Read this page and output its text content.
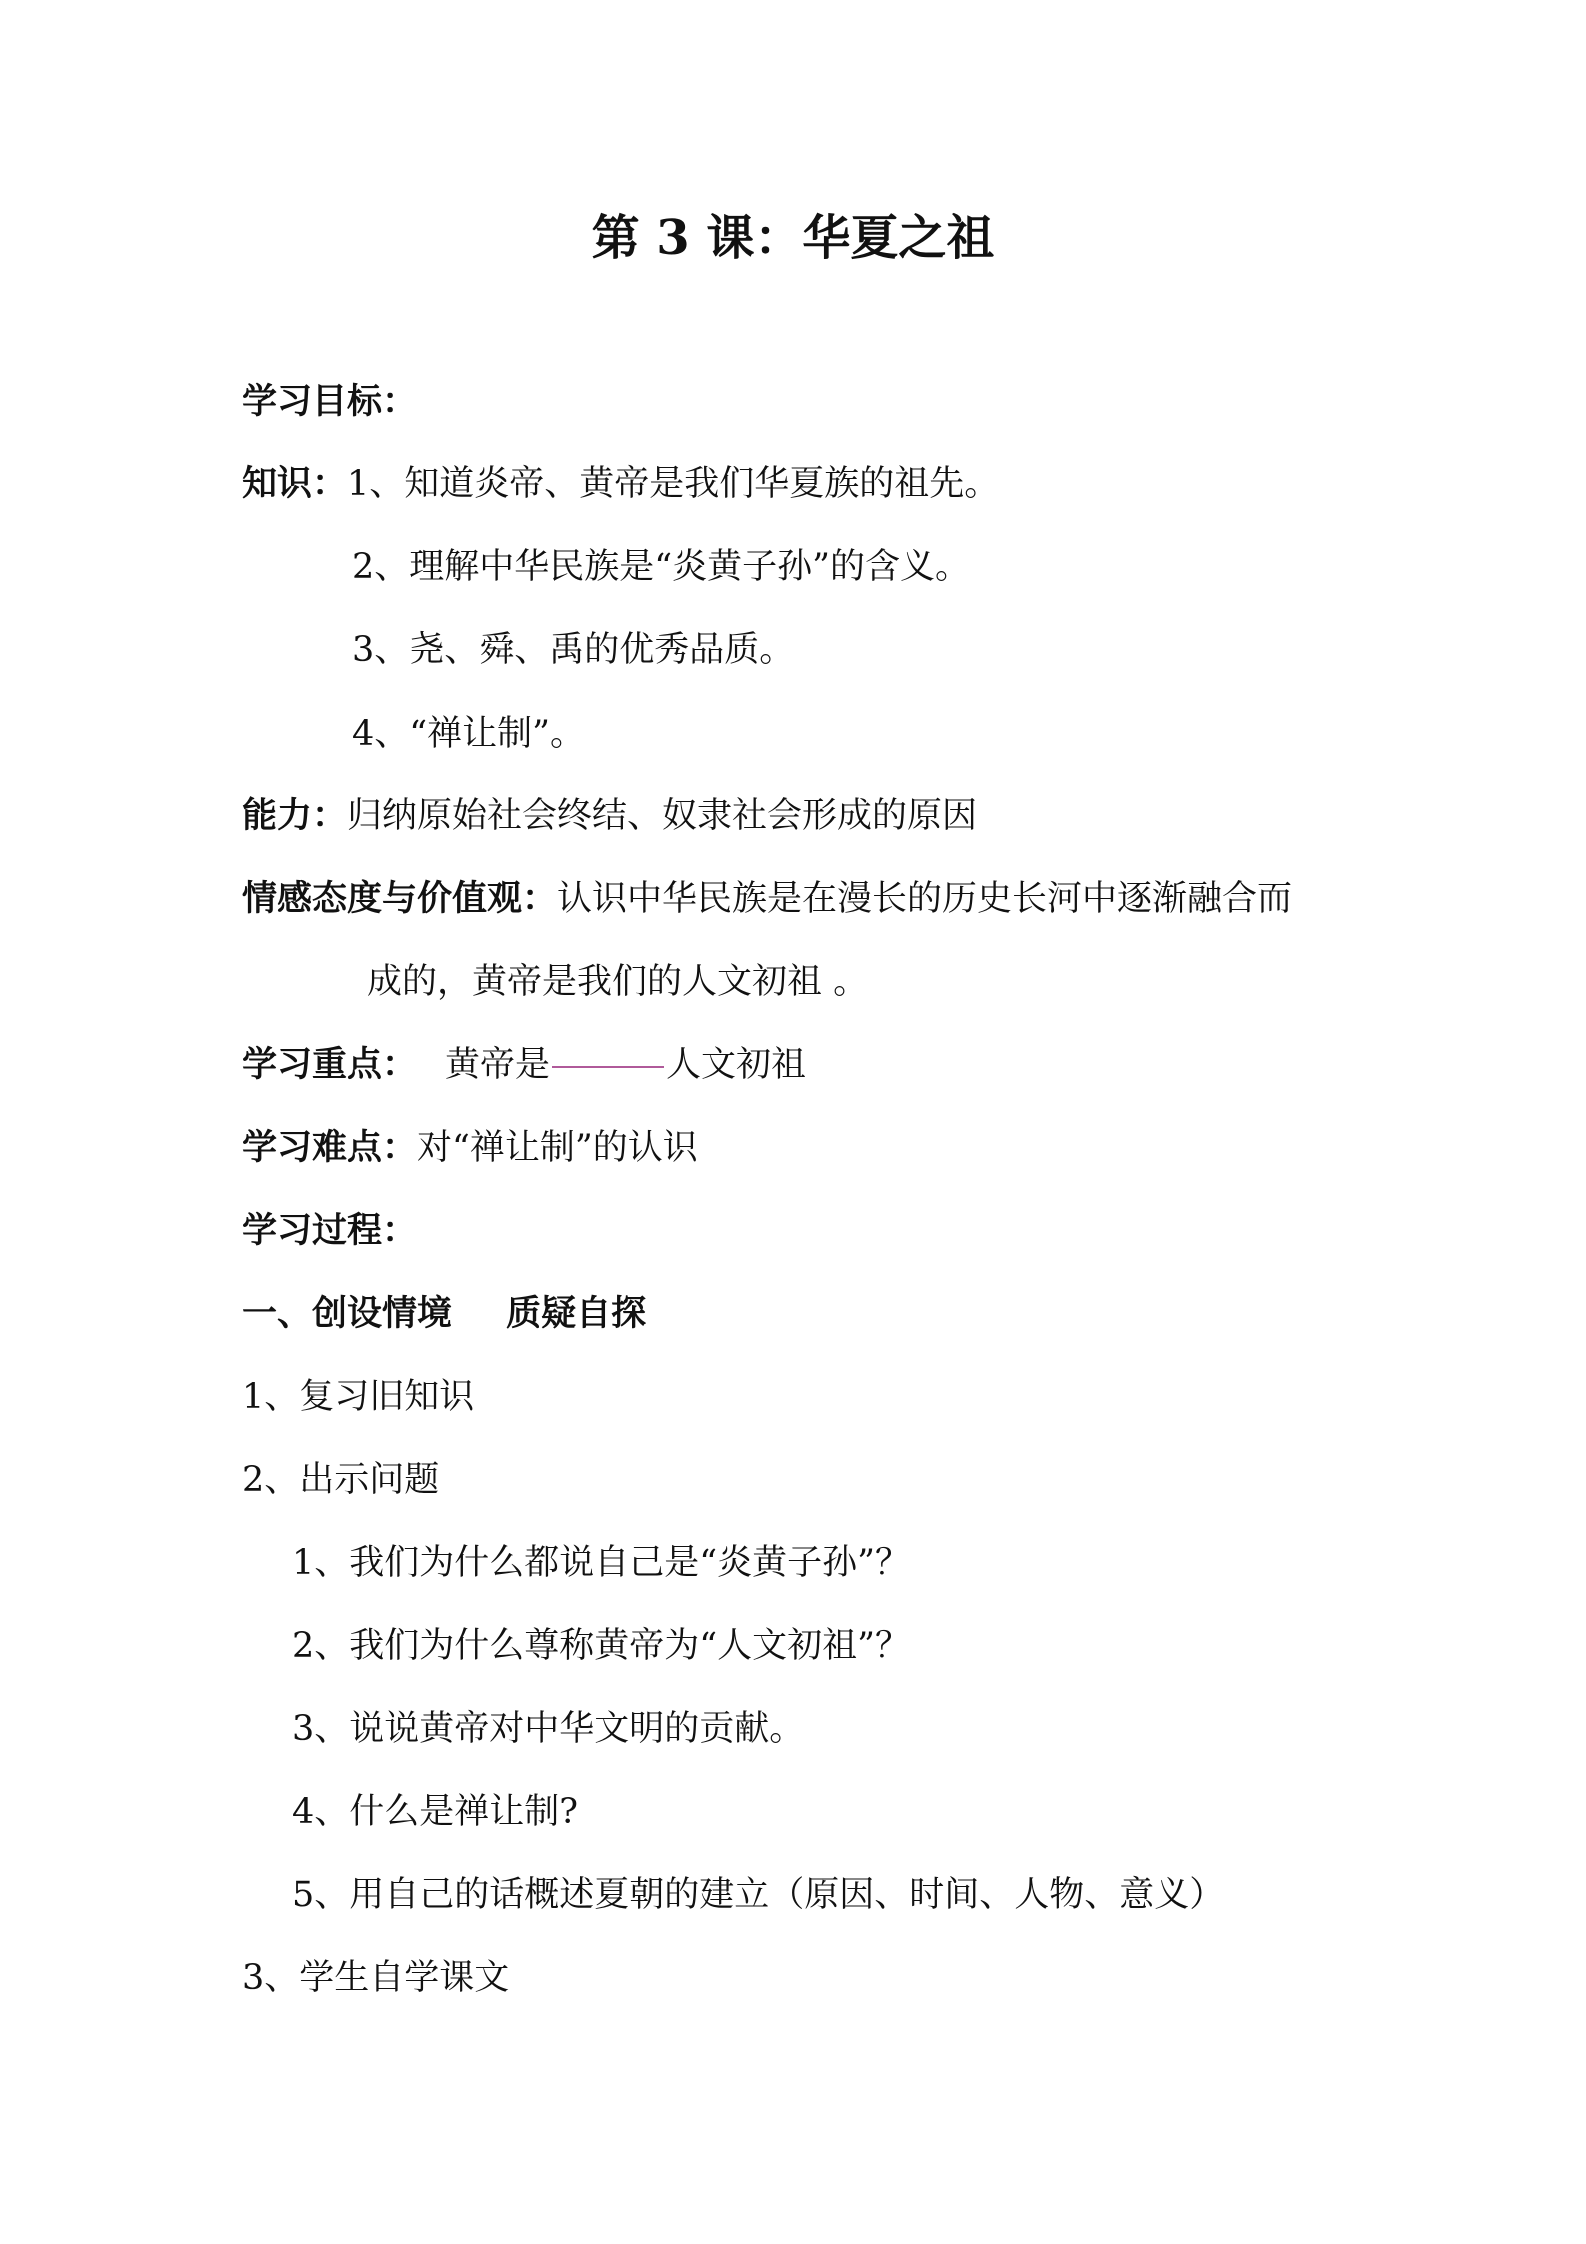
第 3 课：华夏之祖
学习目标：
知识：1、知道炎帝、黄帝是我们华夏族的祖先。
2、理解中华民族是“炎黄子孙”的含义。
3、尧、舜、禹的优秀品质。
4、“禅让制”。
能力：归纳原始社会终结、奴隶社会形成的原因
情感态度与价值观：认识中华民族是在漫长的历史长河中逐渐融合而
成的，黄帝是我们的人文初祖 。
学习重点： 黄帝是	人文初祖
学习难点：对“禅让制”的认识
学习过程：
一、创设情境 质疑自探
1、复习旧知识
2、出示问题
1、我们为什么都说自己是“炎黄子孙”？
2、我们为什么尊称黄帝为“人文初祖”？
3、说说黄帝对中华文明的贡献。
4、什么是禅让制?
5、用自己的话概述夏朝的建立（原因、时间、人物、意义）
3、学生自学课文
